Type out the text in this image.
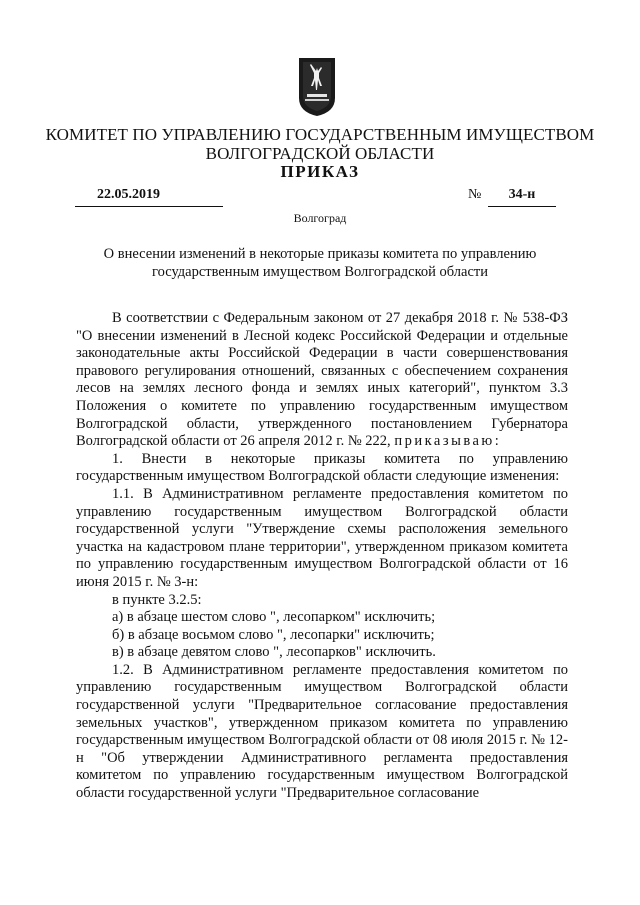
КОМИТЕТ ПО УПРАВЛЕНИЮ ГОСУДАРСТВЕННЫМ ИМУЩЕСТВОМ
ВОЛГОГРАДСКОЙ ОБЛАСТИ
ПРИКАЗ
22.05.2019	№	34-н
Волгоград
О внесении изменений в некоторые приказы комитета по управлению государственным имуществом Волгоградской области

В соответствии с Федеральным законом от 27 декабря 2018 г. № 538-ФЗ "О внесении изменений в Лесной кодекс Российской Федерации и отдельные законодательные акты Российской Федерации в части совершенствования правового регулирования отношений, связанных с обеспечением сохранения лесов на землях лесного фонда и землях иных категорий", пунктом 3.3 Положения о комитете по управлению государственным имуществом Волгоградской области, утвержденного постановлением Губернатора Волгоградской области от 26 апреля 2012 г. № 222, приказываю:

1. Внести в некоторые приказы комитета по управлению государственным имуществом Волгоградской области следующие изменения:

1.1. В Административном регламенте предоставления комитетом по управлению государственным имуществом Волгоградской области государственной услуги "Утверждение схемы расположения земельного участка на кадастровом плане территории", утвержденном приказом комитета по управлению государственным имуществом Волгоградской области от 16 июня 2015 г. № 3-н:

в пункте 3.2.5:

а) в абзаце шестом слово ", лесопарком" исключить;

б) в абзаце восьмом слово ", лесопарки" исключить;

в) в абзаце девятом слово ", лесопарков" исключить.

1.2. В Административном регламенте предоставления комитетом по управлению государственным имуществом Волгоградской области государственной услуги "Предварительное согласование предоставления земельных участков", утвержденном приказом комитета по управлению государственным имуществом Волгоградской области от 08 июля 2015 г. № 12-н "Об утверждении Административного регламента предоставления комитетом по управлению государственным имуществом Волгоградской области государственной услуги "Предварительное согласование
